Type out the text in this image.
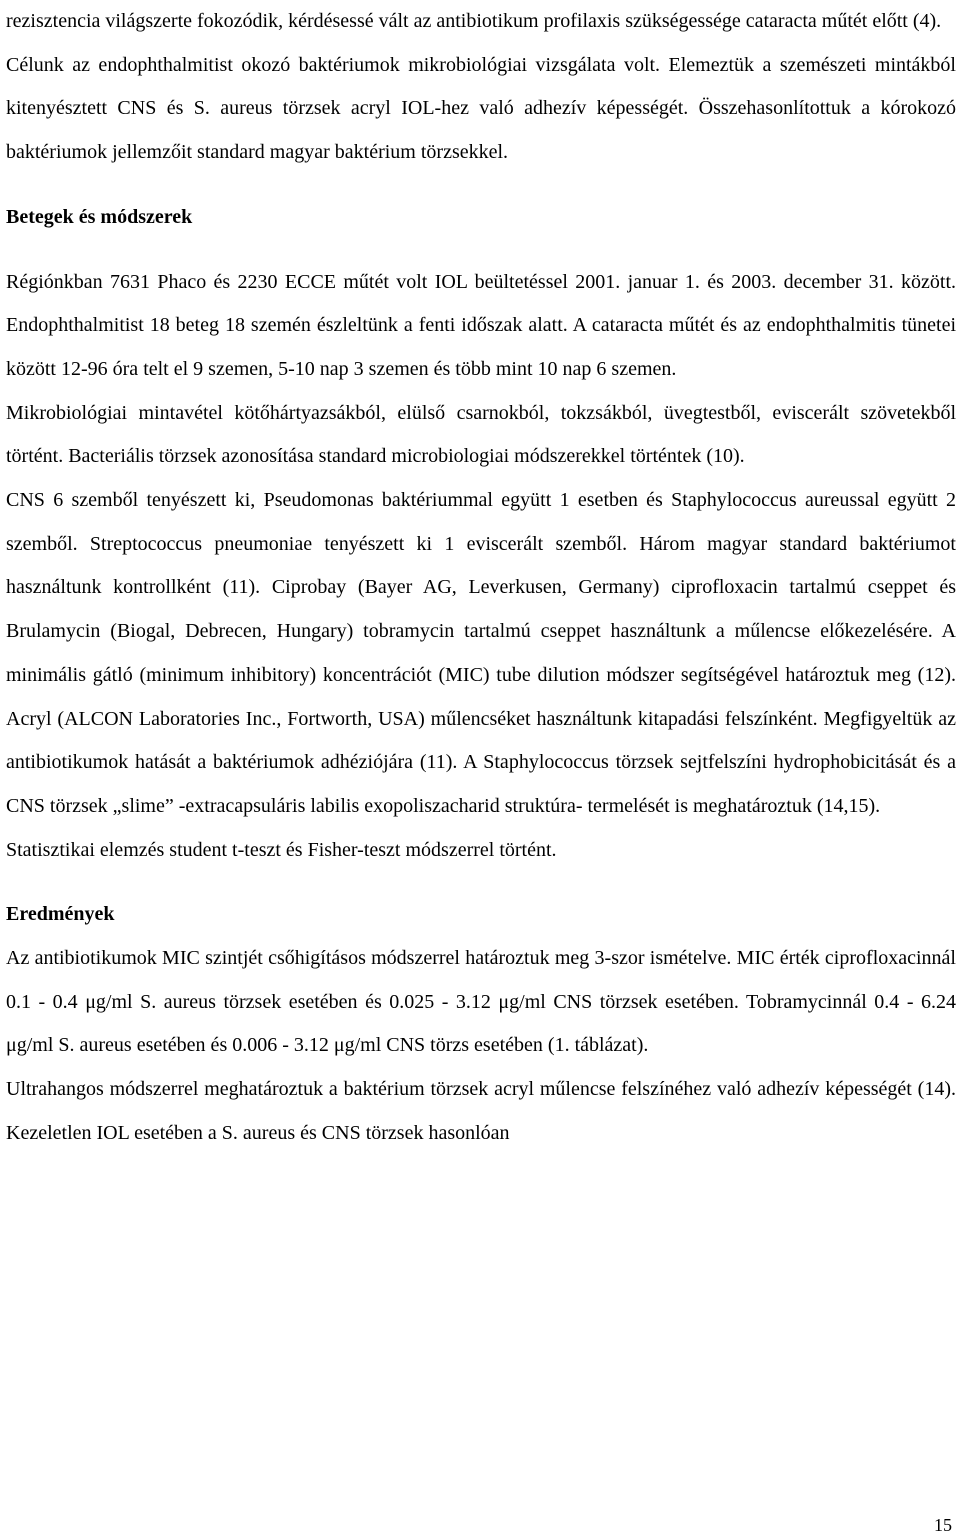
rezisztencia világszerte fokozódik, kérdésessé vált az antibiotikum profilaxis szükségessége cataracta műtét előtt (4).

Célunk az endophthalmitist okozó baktériumok mikrobiológiai vizsgálata volt. Elemeztük a szemészeti mintákból kitenyésztett CNS és S. aureus törzsek acryl IOL-hez való adhezív képességét. Összehasonlítottuk a kórokozó baktériumok jellemzőit standard magyar baktérium törzsekkel.

Betegek és módszerek

Régiónkban 7631 Phaco és 2230 ECCE műtét volt IOL beültetéssel 2001. januar 1. és 2003. december 31. között. Endophthalmitist 18 beteg 18 szemén észleltünk a fenti időszak alatt. A cataracta műtét és az endophthalmitis tünetei között 12-96 óra telt el 9 szemen, 5-10 nap 3 szemen és több mint 10 nap 6 szemen.

Mikrobiológiai mintavétel kötőhártyazsákból, elülső csarnokból, tokzsákból, üvegtestből, eviscerált szövetekből történt. Bacteriális törzsek azonosítása standard microbiologiai módszerekkel történtek (10).

CNS 6 szemből tenyészett ki, Pseudomonas baktériummal együtt 1 esetben és Staphylococcus aureussal együtt 2 szemből. Streptococcus pneumoniae tenyészett ki 1 eviscerált szemből. Három magyar standard baktériumot használtunk kontrollként (11). Ciprobay (Bayer AG, Leverkusen, Germany) ciprofloxacin tartalmú cseppet és Brulamycin (Biogal, Debrecen, Hungary) tobramycin tartalmú cseppet használtunk a műlencse előkezelésére. A minimális gátló (minimum inhibitory) koncentrációt (MIC) tube dilution módszer segítségével határoztuk meg (12). Acryl (ALCON Laboratories Inc., Fortworth, USA) műlencséket használtunk kitapadási felszínként. Megfigyeltük az antibiotikumok hatását a baktériumok adhéziójára (11). A Staphylococcus törzsek sejtfelszíni hydrophobicitását és a CNS törzsek „slime” -extracapsuláris labilis exopoliszacharid struktúra- termelését is meghatároztuk (14,15).

Statisztikai elemzés student t-teszt és Fisher-teszt módszerrel történt.

Eredmények

Az antibiotikumok MIC szintjét csőhigításos módszerrel határoztuk meg 3-szor ismételve. MIC érték ciprofloxacinnál 0.1 - 0.4 μg/ml S. aureus törzsek esetében és 0.025 - 3.12 μg/ml CNS törzsek esetében. Tobramycinnál 0.4 - 6.24 μg/ml S. aureus esetében és 0.006 - 3.12 μg/ml CNS törzs esetében (1. táblázat).

Ultrahangos módszerrel meghatároztuk a baktérium törzsek acryl műlencse felszínéhez való adhezív képességét (14). Kezeletlen IOL esetében a S. aureus és CNS törzsek hasonlóan

15
